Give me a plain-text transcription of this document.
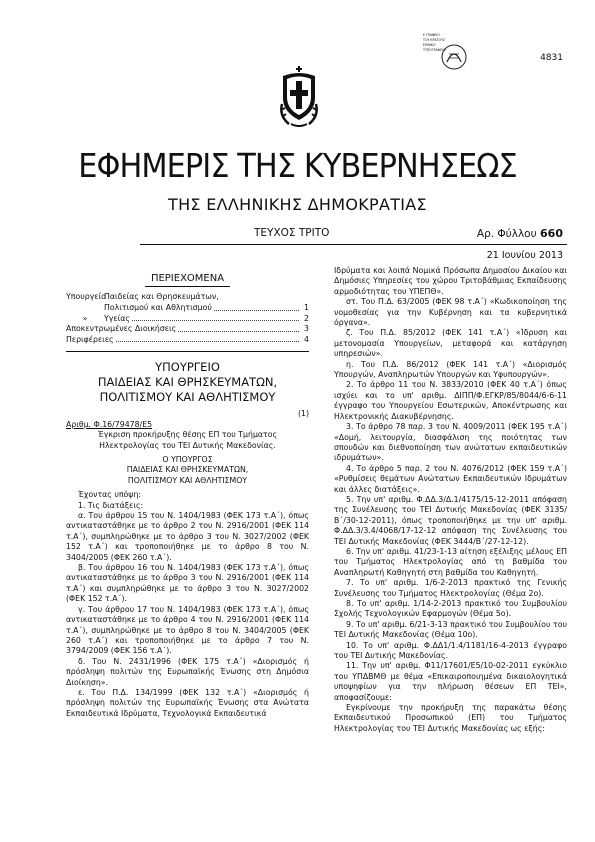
Ε ΓΡΑΦΕΙΟ
ΤΟΥ ΚΡΑΤΟΥΣ
ΕΘΝΙΚΟ
ΤΥΠΟΓΡΑΦΕΙΟ
4831
ΕΦΗΜΕΡΙΣ ΤΗΣ ΚΥΒΕΡΝΗΣΕΩΣ
ΤΗΣ ΕΛΛΗΝΙΚΗΣ ΔΗΜΟΚΡΑΤΙΑΣ
ΤΕΥΧΟΣ ΤΡΙΤΟ	Αρ. Φύλλου 660
21 Ιουνίου 2013
ΠΕΡΙΕΧΟΜΕΝΑ
Υπουργείο
Παιδείας και Θρησκευμάτων,
Πολιτισμού και Αθλητισμού	1
»	Υγείας	2
Αποκεντρωμένες Διοικήσεις	3
Περιφέρειες	4
ΥΠΟΥΡΓΕΙΟ
ΠΑΙΔΕΙΑΣ ΚΑΙ ΘΡΗΣΚΕΥΜΑΤΩΝ,
ΠΟΛΙΤΙΣΜΟΥ ΚΑΙ ΑΘΛΗΤΙΣΜΟΥ
(1)
Αριθμ. Φ.16/79478/Ε5

Έγκριση προκήρυξης θέσης ΕΠ του Τμήματος Ηλεκτρολογίας του ΤΕΙ Δυτικής Μακεδονίας.

Ο ΥΠΟΥΡΓΟΣ
ΠΑΙΔΕΙΑΣ ΚΑΙ ΘΡΗΣΚΕΥΜΑΤΩΝ,
ΠΟΛΙΤΙΣΜΟΥ ΚΑΙ ΑΘΛΗΤΙΣΜΟΥ

Έχοντας υπόψη:

1. Τις διατάξεις:

α. Του άρθρου 15 του Ν. 1404/1983 (ΦΕΚ 173 τ.Α΄), όπως αντικαταστάθηκε με το άρθρο 2 του Ν. 2916/2001 (ΦΕΚ 114 τ.Α΄), συμπληρώθηκε με το άρθρο 3 του Ν. 3027/2002 (ΦΕΚ 152 τ.Α΄) και τροποποιήθηκε με το άρθρο 8 του Ν. 3404/2005 (ΦΕΚ 260 τ.Α΄).

β. Του άρθρου 16 του Ν. 1404/1983 (ΦΕΚ 173 τ.Α΄), όπως αντικαταστάθηκε με το άρθρο 3 του Ν. 2916/2001 (ΦΕΚ 114 τ.Α΄) και συμπληρώθηκε με το άρθρο 3 του Ν. 3027/2002 (ΦΕΚ 152 τ.Α΄).

γ. Του άρθρου 17 του Ν. 1404/1983 (ΦΕΚ 173 τ.Α΄), όπως αντικαταστάθηκε με το άρθρο 4 του Ν. 2916/2001 (ΦΕΚ 114 τ.Α΄), συμπληρώθηκε με το άρθρο 8 του Ν. 3404/2005 (ΦΕΚ 260 τ.Α΄) και τροποποιήθηκε με το άρθρο 7 του Ν. 3794/2009 (ΦΕΚ 156 τ.Α΄).

δ. Του Ν. 2431/1996 (ΦΕΚ 175 τ.Α΄) «Διορισμός ή πρόσληψη πολιτών της Ευρωπαϊκής Ένωσης στη Δημόσια Διοίκηση».

ε. Του Π.Δ. 134/1999 (ΦΕΚ 132 τ.Α΄) «Διορισμός ή πρόσληψη πολιτών της Ευρωπαϊκής Ένωσης στα Ανώτατα Εκπαιδευτικά Ιδρύματα, Τεχνολογικά Εκπαιδευτικά

Ιδρύματα και λοιπά Νομικά Πρόσωπα Δημοσίου Δικαίου και Δημόσιες Υπηρεσίες του χώρου Τριτοβάθμιας Εκπαίδευσης αρμοδιότητας του ΥΠΕΠΘ».

στ. Του Π.Δ. 63/2005 (ΦΕΚ 98 τ.Α΄) «Κωδικοποίηση της νομοθεσίας για την Κυβέρνηση και τα κυβερνητικά όργανα».

ζ. Του Π.Δ. 85/2012 (ΦΕΚ 141 τ.Α΄) «Ίδρυση και μετονομασία Υπουργείων, μεταφορά και κατάργηση υπηρεσιών».

η. Του Π.Δ. 86/2012 (ΦΕΚ 141 τ.Α΄) «Διορισμός Υπουργών, Αναπληρωτών Υπουργών και Υφυπουργών».

2. Το άρθρο 11 του Ν. 3833/2010 (ΦΕΚ 40 τ.Α΄) όπως ισχύει και το υπ' αριθμ. ΔΙΠΠ/Φ.ΕΓΚΡ/85/8044/6-6-11 έγγραφο του Υπουργείου Εσωτερικών, Αποκέντρωσης και Ηλεκτρονικής Διακυβέρνησης.

3. Το άρθρο 78 παρ. 3 του Ν. 4009/2011 (ΦΕΚ 195 τ.Α΄) «Δομή, λειτουργία, διασφάλιση της ποιότητας των σπουδών και διεθνοποίηση των ανώτατων εκπαιδευτικών ιδρυμάτων».

4. Το άρθρο 5 παρ. 2 του Ν. 4076/2012 (ΦΕΚ 159 τ.Α΄) «Ρυθμίσεις θεμάτων Ανώτατων Εκπαιδευτικών Ιδρυμάτων και άλλες διατάξεις».

5. Την υπ' αριθμ. Φ.ΔΔ.3/Δ.1/4175/15-12-2011 απόφαση της Συνέλευσης του ΤΕΙ Δυτικής Μακεδονίας (ΦΕΚ 3135/Β΄/30-12-2011), όπως τροποποιήθηκε με την υπ' αριθμ. Φ.ΔΔ.3/3.4/4068/17-12-12 απόφαση της Συνέλευσης του ΤΕΙ Δυτικής Μακεδονίας (ΦΕΚ 3444/Β΄/27-12-12).

6. Την υπ' αριθμ. 41/23-1-13 αίτηση εξέλιξης μέλους ΕΠ του Τμήματος Ηλεκτρολογίας από τη βαθμίδα του Αναπληρωτή Καθηγητή στη βαθμίδα του Καθηγητή.

7. Το υπ' αριθμ. 1/6-2-2013 πρακτικό της Γενικής Συνέλευσης του Τμήματος Ηλεκτρολογίας (Θέμα 2ο).

8. Το υπ' αριθμ. 1/14-2-2013 πρακτικό του Συμβουλίου Σχολής Τεχνολογικών Εφαρμογών (Θέμα 5ο).

9. Το υπ' αριθμ. 6/21-3-13 πρακτικό του Συμβουλίου του ΤΕΙ Δυτικής Μακεδονίας (Θέμα 10ο).

10. Το υπ' αριθμ. Φ.ΔΔ1/1.4/1181/16-4-2013 έγγραφο του ΤΕΙ Δυτικής Μακεδονίας.

11. Την υπ' αριθμ. Φ11/17601/Ε5/10-02-2011 εγκύκλιο του ΥΠΔΒΜΘ με θέμα «Επικαιροποιημένα δικαιολογητικά υποψηφίων για την πλήρωση θέσεων ΕΠ ΤΕΙ», αποφασίζουμε:

Εγκρίνουμε την προκήρυξη της παρακάτω θέσης Εκπαιδευτικού Προσωπικού (ΕΠ) του Τμήματος Ηλεκτρολογίας του ΤΕΙ Δυτικής Μακεδονίας ως εξής:
